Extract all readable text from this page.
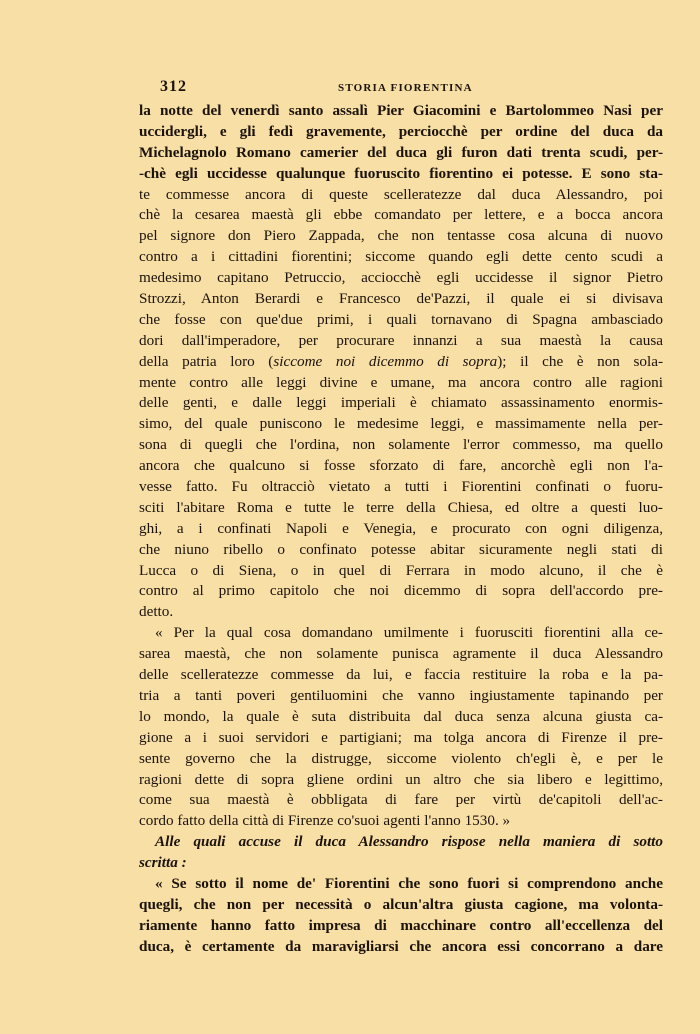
312	STORIA FIORENTINA
la notte del venerdì santo assalì Pier Giacomini e Bartolommeo Nasi per
uccidergli, e gli fedì gravemente, perciocchè per ordine del duca da
Michelagnolo Romano camerier del duca gli furon dati trenta scudi, per-
-chè egli uccidesse qualunque fuoruscito fiorentino ei potesse. E sono sta-
te commesse ancora di queste scelleratezze dal duca Alessandro, poi
chè la cesarea maestà gli ebbe comandato per lettere, e a bocca ancora
pel signore don Piero Zappada, che non tentasse cosa alcuna di nuovo
contro a i cittadini fiorentini; siccome quando egli dette cento scudi a
medesimo capitano Petruccio, acciocchè egli uccidesse il signor Pietro
Strozzi, Anton Berardi e Francesco de'Pazzi, il quale ei si divisava
che fosse con que'due primi, i quali tornavano di Spagna ambasciado
dori dall'imperadore, per procurare innanzi a sua maestà la causa
della patria loro (siccome noi dicemmo di sopra); il che è non sola-
mente contro alle leggi divine e umane, ma ancora contro alle ragioni
delle genti, e dalle leggi imperiali è chiamato assassinamento enormis-
simo, del quale puniscono le medesime leggi, e massimamente nella per-
sona di quegli che l'ordina, non solamente l'error commesso, ma quello
ancora che qualcuno si fosse sforzato di fare, ancorchè egli non l'a-
vesse fatto. Fu oltracciò vietato a tutti i Fiorentini confinati o fuoru-
sciti l'abitare Roma e tutte le terre della Chiesa, ed oltre a questi luo-
ghi, a i confinati Napoli e Venegia, e procurato con ogni diligenza,
che niuno ribello o confinato potesse abitar sicuramente negli stati di
Lucca o di Siena, o in quel di Ferrara in modo alcuno, il che è
contro al primo capitolo che noi dicemmo di sopra dell'accordo pre-
detto.
« Per la qual cosa domandano umilmente i fuorusciti fiorentini alla ce-
sarea maestà, che non solamente punisca agramente il duca Alessandro
delle scelleratezze commesse da lui, e faccia restituire la roba e la pa-
tria a tanti poveri gentiluomini che vanno ingiustamente tapinando per
lo mondo, la quale è suta distribuita dal duca senza alcuna giusta ca-
gione a i suoi servidori e partigiani; ma tolga ancora di Firenze il pre-
sente governo che la distrugge, siccome violento ch'egli è, e per le
ragioni dette di sopra gliene ordini un altro che sia libero e legittimo,
come sua maestà è obbligata di fare per virtù de'capitoli dell'ac-
cordo fatto della città di Firenze co'suoi agenti l'anno 1530. »
Alle quali accuse il duca Alessandro rispose nella maniera di sotto
scritta :
« Se sotto il nome de' Fiorentini che sono fuori si comprendono anche
quegli, che non per necessità o alcun'altra giusta cagione, ma volonta-
riamente hanno fatto impresa di macchinare contro all'eccellenza del
duca, è certamente da maravigliarsi che ancora essi concorrano a dare
